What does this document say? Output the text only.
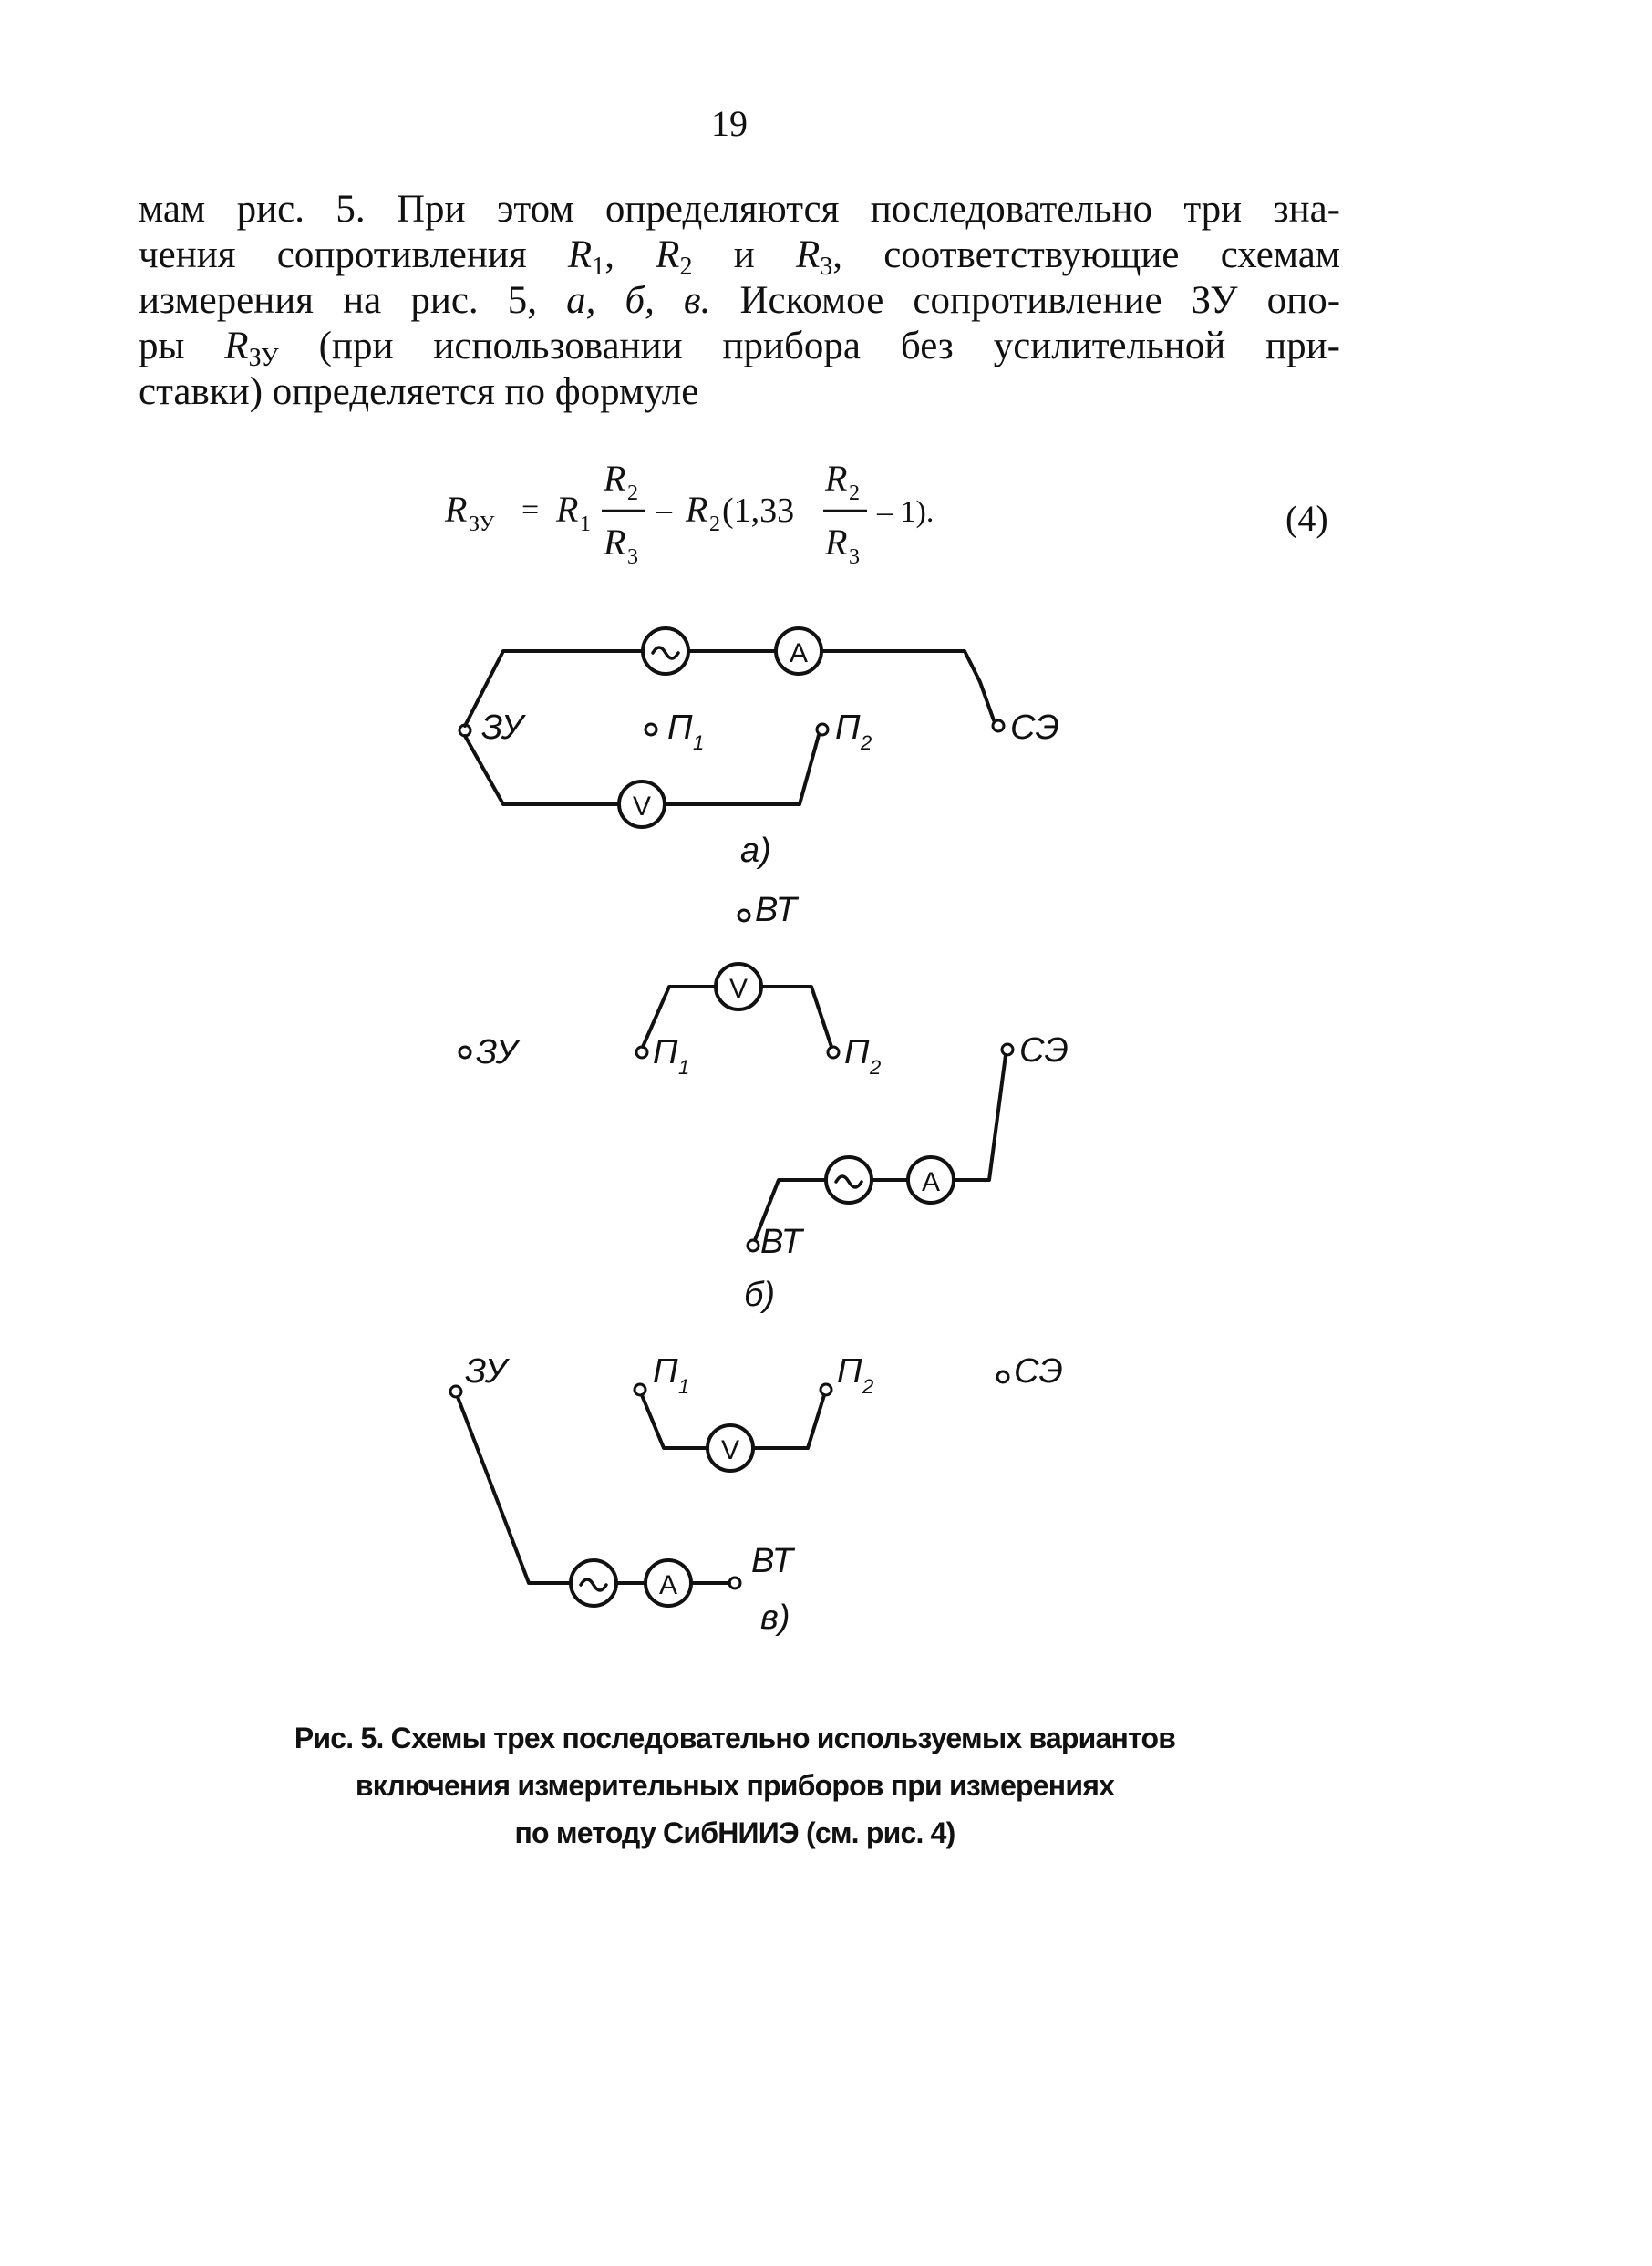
19
мам рис. 5. При этом определяются последовательно три зна-
чения сопротивления $R_1$, $R_2$ и $R_3$, соответствующие схемам
измерения на рис. 5, а, б, в. Искомое сопротивление ЗУ опо-
ры $R_{ЗУ}$ (при использовании прибора без усилительной при-
ставки) определяется по формуле
R ЗУ = R 1
R 2
R 3
– R 2 (1,33
R 2
R 3
– 1).	(4)
A
V
V
A
A
V
ЗУ	П 1	П 2	СЭ
а)
ВТ
ЗУ	П 1	П 2	СЭ
ВТ
б)
ЗУ	П 1	П 2	СЭ
ВТ
в)
Рис. 5. Схемы трех последовательно используемых вариантов
включения измерительных приборов при измерениях
по методу СибНИИЭ (см. рис. 4)
